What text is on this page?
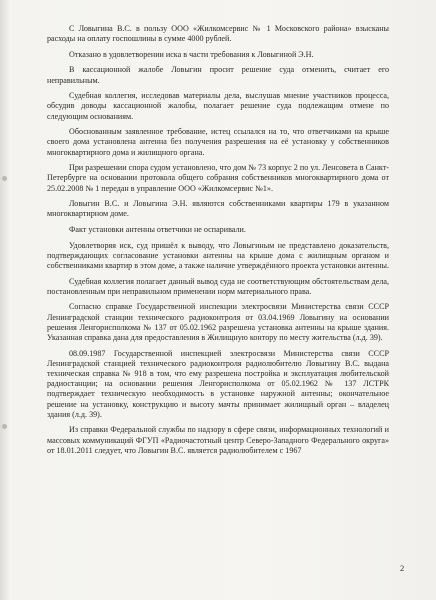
С Ловыгина В.С. в пользу ООО «Жилкомсервис № 1 Московского района» взысканы расходы на оплату госпошлины в сумме 4000 рублей.

Отказано в удовлетворении иска в части требования к Ловыгиной Э.Н.

В кассационной жалобе Ловыгин просит решение суда отменить, считает его неправильным.

Судебная коллегия, исследовав материалы дела, выслушав мнение участников процесса, обсудив доводы кассационной жалобы, полагает решение суда подлежащим отмене по следующим основаниям.

Обоснованным заявленное требование, истец ссылался на то, что ответчиками на крыше своего дома установлена антенна без получения разрешения на её установку у собственников многоквартирного дома и жилищного органа.

При разрешении спора судом установлено, что дом № 73 корпус 2 по ул. Ленсовета в Санкт-Петербурге на основании протокола общего собрания собственников многоквартирного дома от 25.02.2008 № 1 передан в управление ООО «Жилкомсервис №1».

Ловыгин В.С. и Ловыгина Э.Н. являются собственниками квартиры 179 в указанном многоквартирном доме.

Факт установки антенны ответчики не оспаривали.

Удовлетворяя иск, суд пришёл к выводу, что Ловыгиным не представлено доказательств, подтверждающих согласование установки антенны на крыше дома с жилищным органом и собственниками квартир в этом доме, а также наличие утверждённого проекта установки антенны.

Судебная коллегия полагает данный вывод суда не соответствующим обстоятельствам дела, постановленным при неправильном применении норм материального права.

Согласно справке Государственной инспекции электросвязи Министерства связи СССР Ленинградской станции технического радиоконтроля от 03.04.1969 Ловыгину на основании решения Ленгорисполкома № 137 от 05.02.1962 разрешена установка антенны на крыше здания. Указанная справка дана для предоставления в Жилищную контору по месту жительства (л.д. 39).

08.09.1987 Государственной инспекцией электросвязи Министерства связи СССР Ленинградской станцией технического радиоконтроля радиолюбителю Ловыгину В.С. выдана техническая справка № 918 в том, что ему разрешена постройка и эксплуатация любительской радиостанции; на основании решения Ленгорисполкома от 05.02.1962 № 137 ЛСТРК подтверждает техническую необходимость в установке наружной антенны; окончательное решение на установку, конструкцию и высоту мачты принимает жилищный орган – владелец здания (л.д. 39).

Из справки Федеральной службы по надзору в сфере связи, информационных технологий и массовых коммуникаций ФГУП «Радиочастотный центр Северо-Западного Федерального округа» от 18.01.2011 следует, что Ловыгин В.С. является радиолюбителем с 1967

2
